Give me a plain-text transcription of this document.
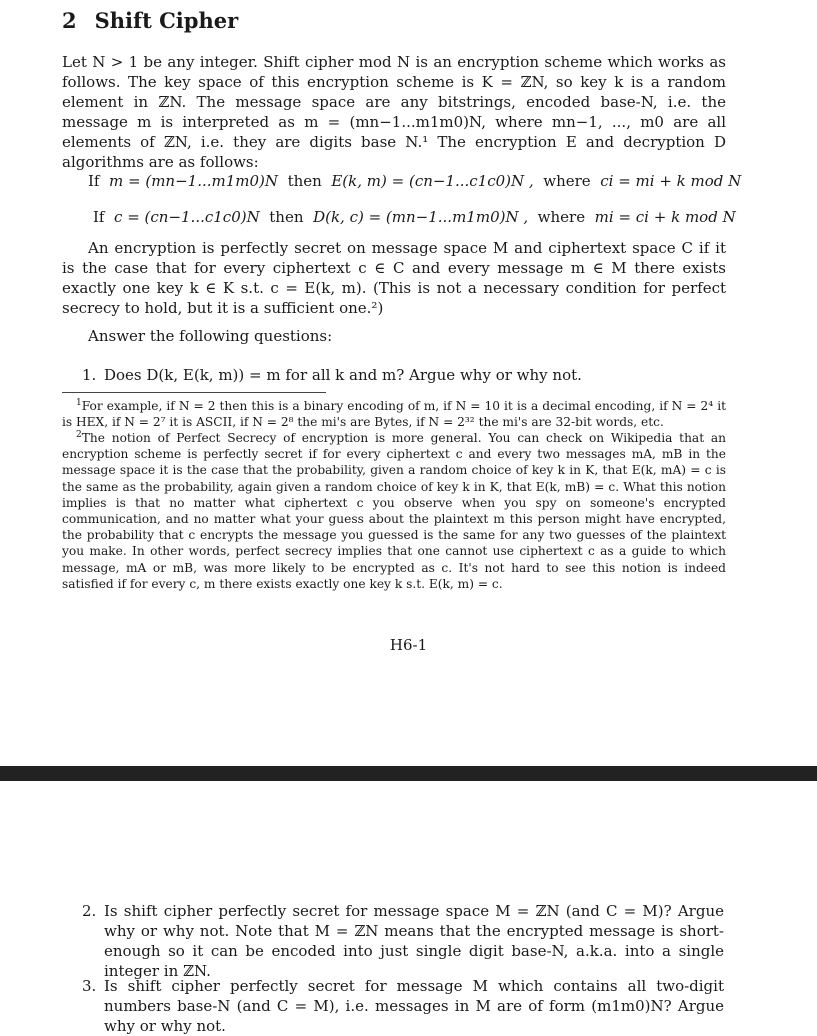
2 Shift Cipher
Let N > 1 be any integer. Shift cipher mod N is an encryption scheme which works as follows. The key space of this encryption scheme is K = ℤN, so key k is a random element in ℤN. The message space are any bitstrings, encoded base-N, i.e. the message m is interpreted as m = (mn−1...m1m0)N, where mn−1, ..., m0 are all elements of ℤN, i.e. they are digits base N.¹ The encryption E and decryption D algorithms are as follows:
If m = (mn−1...m1m0)N then E(k, m) = (cn−1...c1c0)N , where ci = mi + k mod N
If c = (cn−1...c1c0)N then D(k, c) = (mn−1...m1m0)N , where mi = ci + k mod N
An encryption is perfectly secret on message space M and ciphertext space C if it is the case that for every ciphertext c ∈ C and every message m ∈ M there exists exactly one key k ∈ K s.t. c = E(k, m). (This is not a necessary condition for perfect secrecy to hold, but it is a sufficient one.²)
Answer the following questions:
1. Does D(k, E(k, m)) = m for all k and m? Argue why or why not.
$^1$For example, if N = 2 then this is a binary encoding of m, if N = 10 it is a decimal encoding, if N = 2⁴ it is HEX, if N = 2⁷ it is ASCII, if N = 2⁸ the mi's are Bytes, if N = 2³² the mi's are 32-bit words, etc.
$^2$The notion of Perfect Secrecy of encryption is more general. You can check on Wikipedia that an encryption scheme is perfectly secret if for every ciphertext c and every two messages mA, mB in the message space it is the case that the probability, given a random choice of key k in K, that E(k, mA) = c is the same as the probability, again given a random choice of key k in K, that E(k, mB) = c. What this notion implies is that no matter what ciphertext c you observe when you spy on someone's encrypted communication, and no matter what your guess about the plaintext m this person might have encrypted, the probability that c encrypts the message you guessed is the same for any two guesses of the plaintext you make. In other words, perfect secrecy implies that one cannot use ciphertext c as a guide to which message, mA or mB, was more likely to be encrypted as c. It's not hard to see this notion is indeed satisfied if for every c, m there exists exactly one key k s.t. E(k, m) = c.
H6-1
2. Is shift cipher perfectly secret for message space M = ℤN (and C = M)? Argue why or why not. Note that M = ℤN means that the encrypted message is short-enough so it can be encoded into just single digit base-N, a.k.a. into a single integer in ℤN.
3. Is shift cipher perfectly secret for message M which contains all two-digit numbers base-N (and C = M), i.e. messages in M are of form (m1m0)N? Argue why or why not.
